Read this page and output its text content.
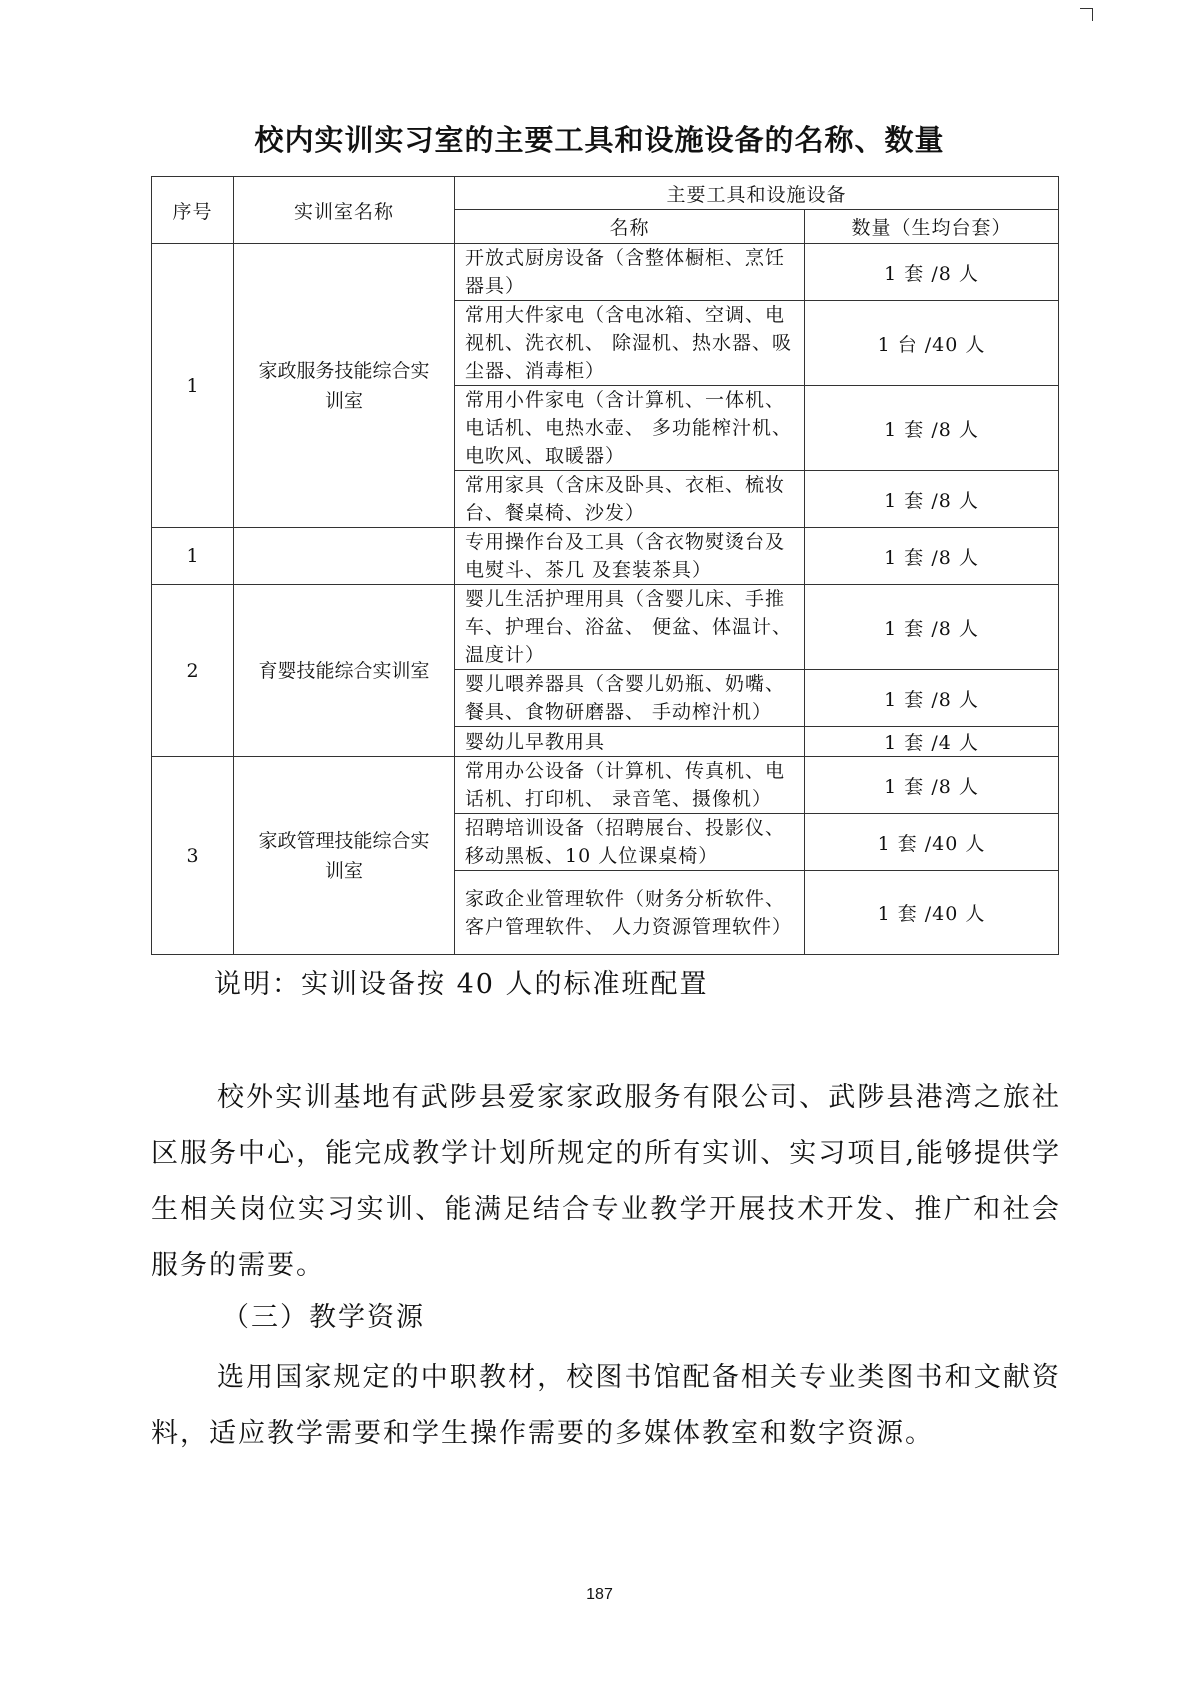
校内实训实习室的主要工具和设施设备的名称、数量
序号	实训室名称	主要工具和设施设备	
		名称	数量（生均台套）
1	家政服务技能综合实训室	开放式厨房设备（含整体橱柜、烹饪器具）	1 套 /8 人
		常用大件家电（含电冰箱、空调、电视机、洗衣机、 除湿机、热水器、吸尘器、消毒柜）	1 台 /40 人
		常用小件家电（含计算机、一体机、电话机、电热水壶、 多功能榨汁机、电吹风、取暖器）	1 套 /8 人
		常用家具（含床及卧具、衣柜、梳妆台、餐桌椅、沙发）	1 套 /8 人
1		专用操作台及工具（含衣物熨烫台及电熨斗、茶几 及套装茶具）	1 套 /8 人
2	育婴技能综合实训室	婴儿生活护理用具（含婴儿床、手推车、护理台、浴盆、 便盆、体温计、温度计）	1 套 /8 人
		婴儿喂养器具（含婴儿奶瓶、奶嘴、餐具、食物研磨器、 手动榨汁机）	1 套 /8 人
		婴幼儿早教用具	1 套 /4 人
3	家政管理技能综合实训室	常用办公设备（计算机、传真机、电话机、打印机、 录音笔、摄像机）	1 套 /8 人
		招聘培训设备（招聘展台、投影仪、移动黑板、10 人位课桌椅）	1 套 /40 人
		家政企业管理软件（财务分析软件、客户管理软件、 人力资源管理软件）	1 套 /40 人
说明：实训设备按 40 人的标准班配置

校外实训基地有武陟县爱家家政服务有限公司、武陟县港湾之旅社区服务中心，能完成教学计划所规定的所有实训、实习项目,能够提供学生相关岗位实习实训、能满足结合专业教学开展技术开发、推广和社会服务的需要。

（三）教学资源

选用国家规定的中职教材，校图书馆配备相关专业类图书和文献资料，适应教学需要和学生操作需要的多媒体教室和数字资源。

187
